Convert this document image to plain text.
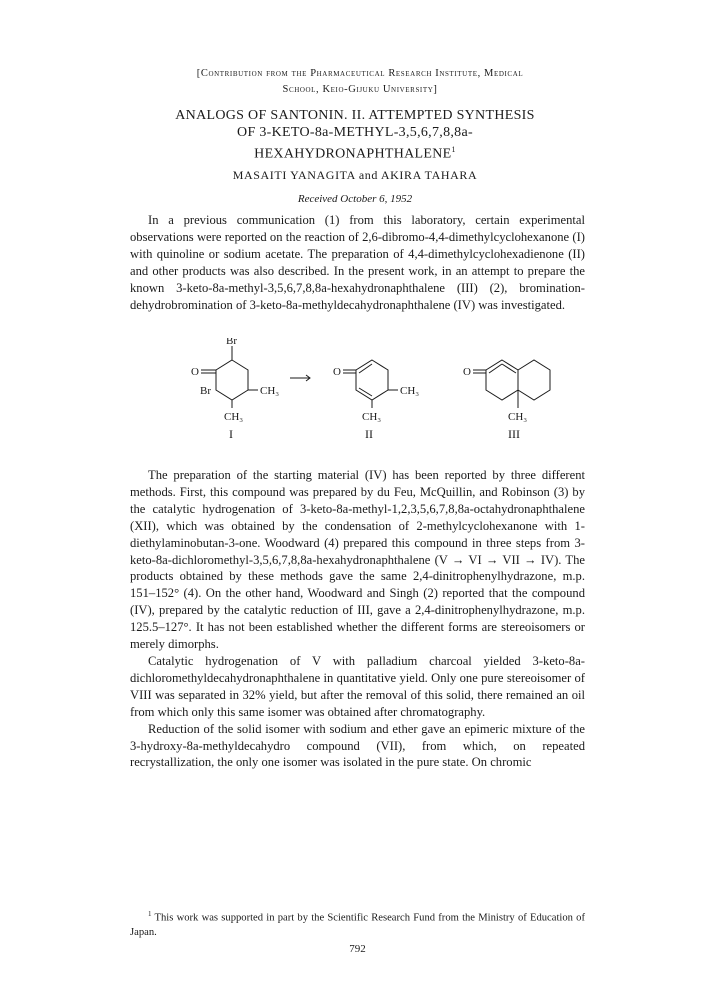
[Contribution from the Pharmaceutical Research Institute, Medical
School, Keio-Gijuku University]
ANALOGS OF SANTONIN. II. ATTEMPTED SYNTHESIS
OF 3-KETO-8a-METHYL-3,5,6,7,8,8a-
HEXAHYDRONAPHTHALENE$^1$
MASAITI YANAGITA and AKIRA TAHARA
Received October 6, 1952

In a previous communication (1) from this laboratory, certain experimental observations were reported on the reaction of 2,6-dibromo-4,4-dimethylcyclohexanone (I) with quinoline or sodium acetate. The preparation of 4,4-dimethylcyclohexadienone (II) and other products was also described. In the present work, in an attempt to prepare the known 3-keto-8a-methyl-3,5,6,7,8,8a-hexahydronaphthalene (III) (2), bromination-dehydrobromination of 3-keto-8a-methyldecahydronaphthalene (IV) was investigated.

Br
O
Br	CH₃
CH₃
I
O
CH₃
CH₃
II
O
CH₃
III

The preparation of the starting material (IV) has been reported by three different methods. First, this compound was prepared by du Feu, McQuillin, and Robinson (3) by the catalytic hydrogenation of 3-keto-8a-methyl-1,2,3,5,6,7,8,8a-octahydronaphthalene (XII), which was obtained by the condensation of 2-methylcyclohexanone with 1-diethylaminobutan-3-one. Woodward (4) prepared this compound in three steps from 3-keto-8a-dichloromethyl-3,5,6,7,8,8a-hexahydronaphthalene (V → VI → VII → IV). The products obtained by these methods gave the same 2,4-dinitrophenylhydrazone, m.p. 151–152° (4). On the other hand, Woodward and Singh (2) reported that the compound (IV), prepared by the catalytic reduction of III, gave a 2,4-dinitrophenylhydrazone, m.p. 125.5–127°. It has not been established whether the different forms are stereoisomers or merely dimorphs.

Catalytic hydrogenation of V with palladium charcoal yielded 3-keto-8a-dichloromethyldecahydronaphthalene in quantitative yield. Only one pure stereoisomer of VIII was separated in 32% yield, but after the removal of this solid, there remained an oil from which only this same isomer was obtained after chromatography.

Reduction of the solid isomer with sodium and ether gave an epimeric mixture of the 3-hydroxy-8a-methyldecahydro compound (VII), from which, on repeated recrystallization, the only one isomer was isolated in the pure state. On chromic

$^1$ This work was supported in part by the Scientific Research Fund from the Ministry of Education of Japan.

792
